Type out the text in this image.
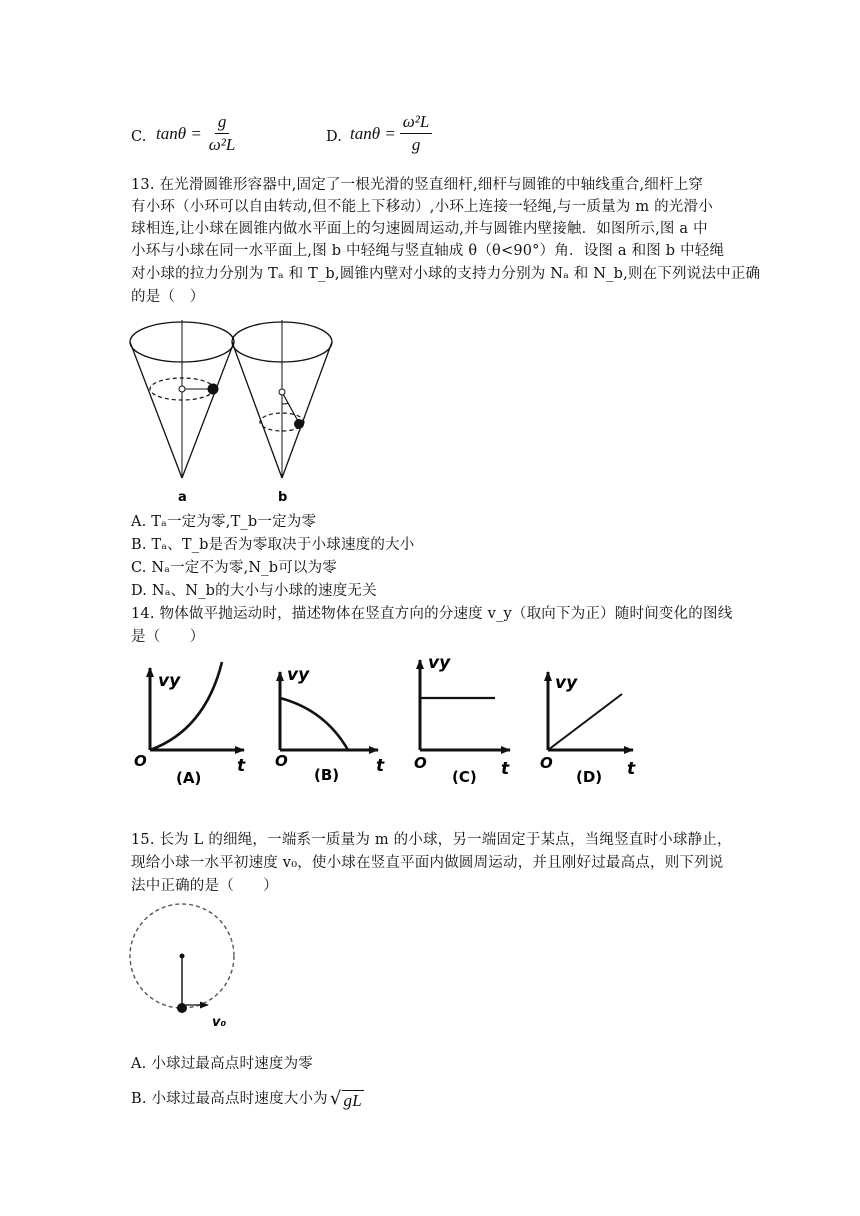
C. $\tan\theta = \frac{g}{\text{ω²L}}$	D. $\tan\theta = \frac{\text{ω²L}}{g}$
13. 在光滑圆锥形容器中,固定了一根光滑的竖直细杆,细杆与圆锥的中轴线重合,细杆上穿
有小环（小环可以自由转动,但不能上下移动）,小环上连接一轻绳,与一质量为 m 的光滑小
球相连,让小球在圆锥内做水平面上的匀速圆周运动,并与圆锥内壁接触．如图所示,图 a 中
小环与小球在同一水平面上,图 b 中轻绳与竖直轴成 θ（θ<90°）角．设图 a 和图 b 中轻绳
对小球的拉力分别为 Tₐ 和 T_b,圆锥内壁对小球的支持力分别为 Nₐ 和 N_b,则在下列说法中正确
的是（　）
a	b
A. Tₐ一定为零,T_b一定为零
B. Tₐ、T_b是否为零取决于小球速度的大小
C. Nₐ一定不为零,N_b可以为零
D. Nₐ、N_b的大小与小球的速度无关
14. 物体做平抛运动时，描述物体在竖直方向的分速度 v_y（取向下为正）随时间变化的图线
是（　　）
vy
O	t
(A)
vy
O	t
(B)
vy
O	t
(C)
vy
O	t
(D)
15. 长为 L 的细绳，一端系一质量为 m 的小球，另一端固定于某点，当绳竖直时小球静止，
现给小球一水平初速度 v₀，使小球在竖直平面内做圆周运动，并且刚好过最高点，则下列说
法中正确的是（　　）
v₀
A. 小球过最高点时速度为零
B. 小球过最高点时速度大小为 √ gL
